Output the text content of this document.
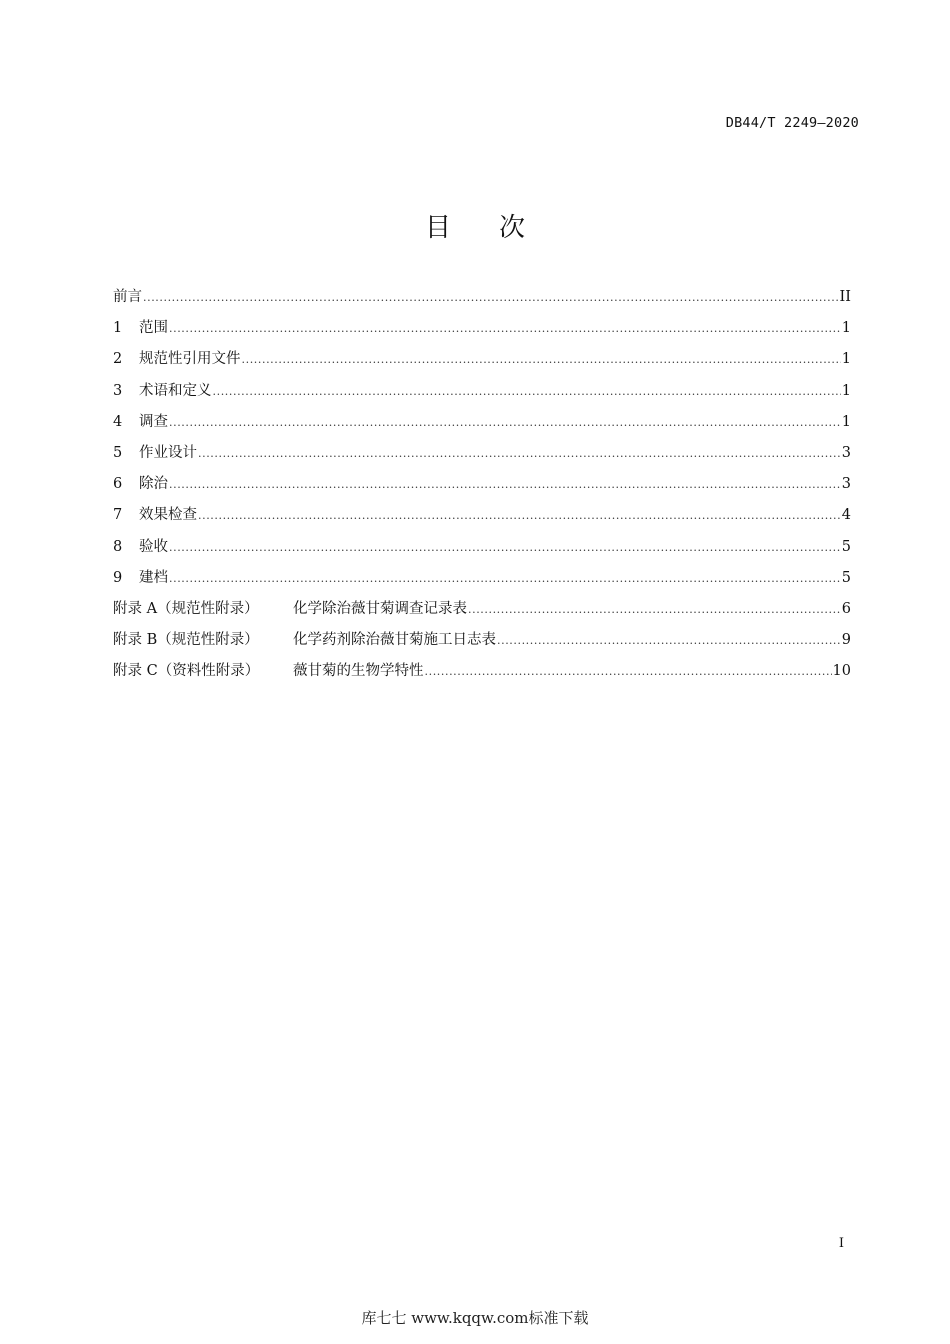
DB44/T 2249—2020
目次
前言 .....	II
1	范围 .....	1
2	规范性引用文件 .....	1
3	术语和定义 .....	1
4	调查 .....	1
5	作业设计 .....	3
6	除治 .....	3
7	效果检查 .....	4
8	验收 .....	5
9	建档 .....	5
附录 A（规范性附录）	化学除治薇甘菊调查记录表 .....	6
附录 B（规范性附录）	化学药剂除治薇甘菊施工日志表 .....	9
附录 C（资料性附录）	薇甘菊的生物学特性 .....	10
I
库七七 www.kqqw.com标准下载
